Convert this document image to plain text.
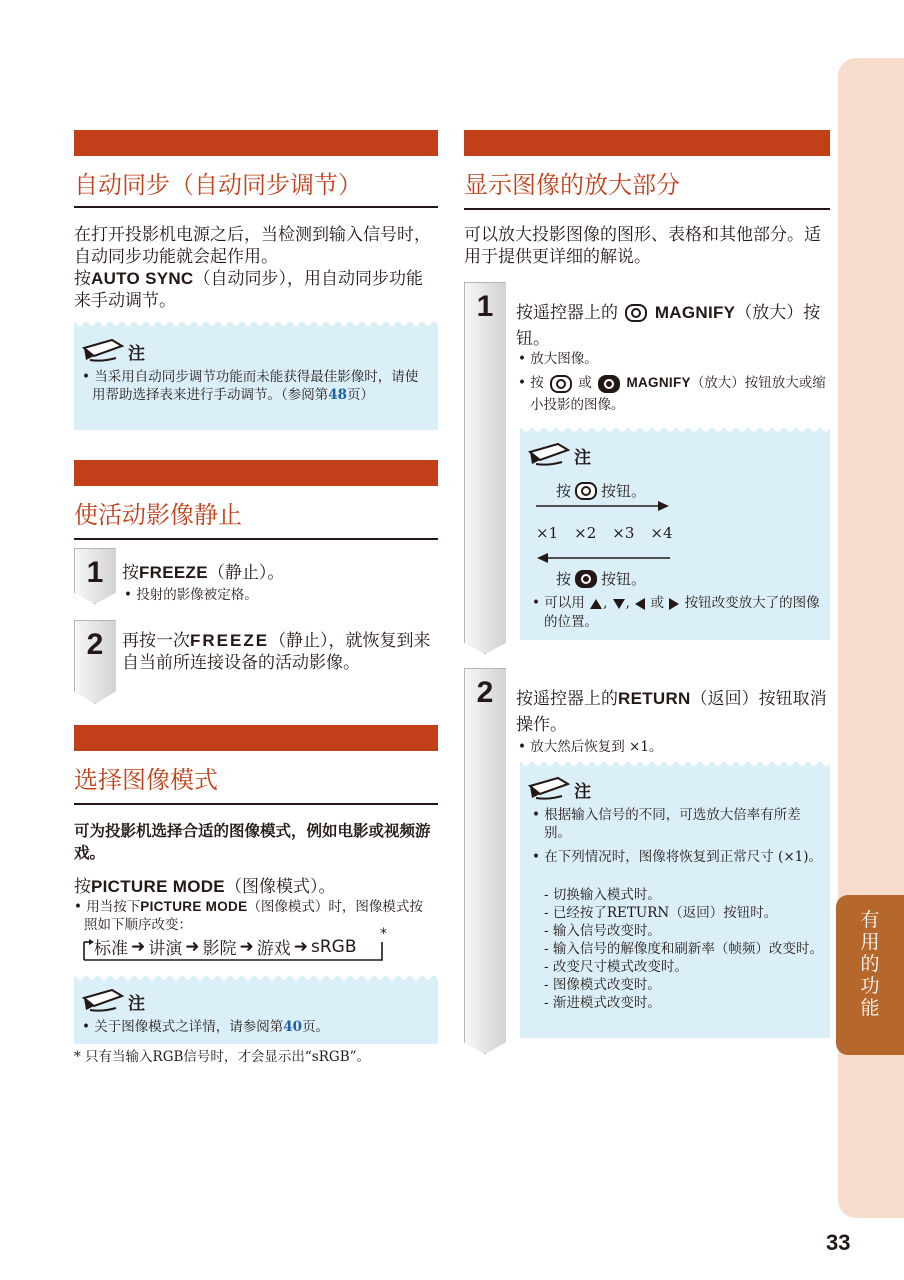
有用的功能
自动同步（自动同步调节）
在打开投影机电源之后，当检测到输入信号时，自动同步功能就会起作用。
按AUTO SYNC（自动同步），用自动同步功能来手动调节。
注
• 当采用自动同步调节功能而未能获得最佳影像时，请使用帮助选择表来进行手动调节。（参阅第48页）
使活动影像静止
1	按FREEZE（静止）。
• 投射的影像被定格。
2	再按一次FREEZE（静止），就恢复到来自当前所连接设备的活动影像。
选择图像模式
可为投影机选择合适的图像模式，例如电影或视频游戏。
按PICTURE MODE（图像模式）。
• 用当按下PICTURE MODE（图像模式）时，图像模式按照如下顺序改变：
标准 ➜ 讲演 ➜ 影院 ➜ 游戏 ➜ sRGB
*
注
• 关于图像模式之详情，请参阅第40页。
* 只有当输入RGB信号时，才会显示出“sRGB”。
显示图像的放大部分
可以放大投影图像的图形、表格和其他部分。适用于提供更详细的解说。
1	按遥控器上的 MAGNIFY（放大）按钮。
• 放大图像。
• 按	或	MAGNIFY（放大）按钮放大或缩小投影的图像。
注
按 按钮。
×1 ×2 ×3 ×4
按 按钮。
• 可以用 , ,  或 按钮改变放大了的图像的位置。
2	按遥控器上的RETURN（返回）按钮取消操作。
• 放大然后恢复到 ×1。
注
• 根据输入信号的不同，可选放大倍率有所差别。
• 在下列情况时，图像将恢复到正常尺寸 (×1)。
- 切换输入模式时。
- 已经按了RETURN（返回）按钮时。
- 输入信号改变时。
- 输入信号的解像度和刷新率（帧频）改变时。
- 改变尺寸模式改变时。
- 图像模式改变时。
- 渐进模式改变时。
33
